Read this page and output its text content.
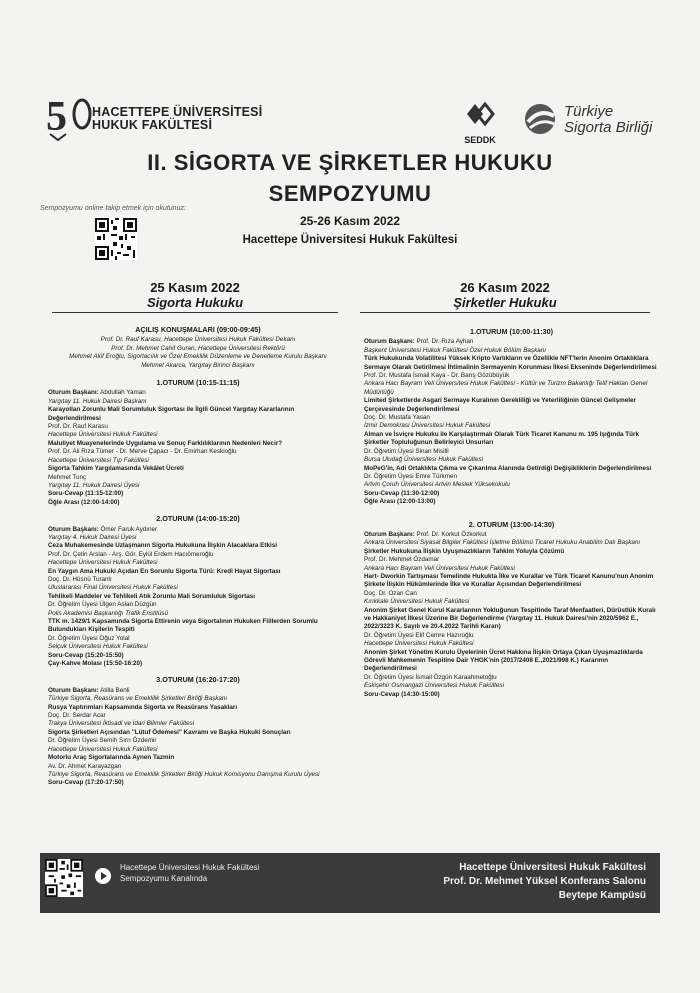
5 HACETTEPE ÜNİVERSİTESİ
HUKUK FAKÜLTESİ
SEDDK
Türkiye
Sigorta Birliği
II. SİGORTA VE ŞİRKETLER HUKUKU
SEMPOZYUMU
25-26 Kasım 2022
Hacettepe Üniversitesi Hukuk Fakültesi
Sempozyumu online takip etmek için okutunuz:
25 Kasım 2022
Sigorta Hukuku
AÇILIŞ KONUŞMALARI (09:00-09:45)
Prof. Dr. Rauf Karasu, Hacettepe Üniversitesi Hukuk Fakültesi Dekanı
Prof. Dr. Mehmet Cahit Guran, Hacettepe Üniversitesi Rektörü
Mehmet Akif Eroğlu, Sigortacılık ve Özel Emeklilik Düzenleme ve Denetleme Kurulu Başkanı
Mehmet Akarca, Yargıtay Birinci Başkanı
1.OTURUM (10:15-11:15)
Oturum Başkanı: Abdullah Yaman
Yargıtay 11. Hukuk Dairesi Başkanı
Karayolları Zorunlu Mali Sorumluluk Sigortası ile İlgili Güncel Yargıtay Kararlarının Değerlendirilmesi
Prof. Dr. Rauf Karasu
Hacettepe Üniversitesi Hukuk Fakültesi
Maluliyet Muayenelerinde Uygulama ve Sonuç Farklılıklarının Nedenleri Necir?
Prof. Dr. Ali Rıza Tümer - Dr. Merve Çapacı - Dr. Emirhan Keskioğlu
Hacettepe Üniversitesi Tıp Fakültesi
Sigorta Tahkim Yargılamasında Vekâlet Ücreti
Mehmet Tunç
Yargıtay 11. Hukuk Dairesi Üyesi
Soru-Cevap (11:15-12:00)
Öğle Arası (12:00-14:00)
2.OTURUM (14:00-15:20)
Oturum Başkanı: Ömer Faruk Aydıner
Yargıtay 4. Hukuk Dairesi Üyesi
Ceza Muhakemesinde Uzlaşmanın Sigorta Hukukuna İlişkin Alacaklara Etkisi
Prof. Dr. Çetin Arslan - Arş. Gör. Eylül Erdem Hacıömeroğlu
Hacettepe Üniversitesi Hukuk Fakültesi
En Yaygın Ama Hukuki Açıdan En Sorunlu Sigorta Türü: Kredi Hayat Sigortası
Doç. Dr. Hüsnü Turanlı
Uluslararası Final Üniversitesi Hukuk Fakültesi
Tehlikeli Maddeler ve Tehlikeli Atık Zorunlu Mali Sorumluluk Sigortası
Dr. Öğretim Üyesi Ülgen Aslan Düzgün
Polis Akademisi Başkanlığı Trafik Enstitüsü
TTK m. 1429/1 Kapsamında Sigorta Ettirenin veya Sigortalının Hukuken Fiillerden Sorumlu Bulundukları Kişilerin Tespiti
Dr. Öğretim Üyesi Oğuz Yolal
Selçuk Üniversitesi Hukuk Fakültesi
Soru-Cevap (15:20-15:50)
Çay-Kahve Molası (15:50-16:20)
3.OTURUM (16:20-17:20)
Oturum Başkanı: Atilla Benli
Türkiye Sigorta, Reasürans ve Emeklilik Şirketleri Birliği Başkanı
Rusya Yaptırımları Kapsamında Sigorta ve Reasürans Yasakları
Doç. Dr. Serdar Acar
Trakya Üniversitesi İktisadi ve İdari Bilimler Fakültesi
Sigorta Şirketleri Açısından "Lütuf Ödemesi" Kavramı ve Başka Hukuki Sonuçları
Dr. Öğretim Üyesi Semih Sırrı Özdemir
Hacettepe Üniversitesi Hukuk Fakültesi
Motorlu Araç Sigortalarında Aynen Tazmin
Av. Dr. Ahmet Karayazgan
Türkiye Sigorta, Reasürans ve Emeklilik Şirketleri Birliği Hukuk Komisyonu Danışma Kurulu Üyesi
Soru-Cevap (17:20-17:50)
26 Kasım 2022
Şirketler Hukuku
1.OTURUM (10:00-11:30)
Oturum Başkanı: Prof. Dr. Rıza Ayhan
Başkent Üniversitesi Hukuk Fakültesi Özel Hukuk Bölüm Başkanı
Türk Hukukunda Volatilitesi Yüksek Kripto Varlıkların ve Özellikle NFT'lerin Anonim Ortaklıklara Sermaye Olarak Getirilmesi İhtimalinin Sermayenin Korunması İlkesi Ekseninde Değerlendirilmesi
Prof. Dr. Mustafa İsmail Kaya - Dr. Barış Gözübüyük
Ankara Hacı Bayram Veli Üniversitesi Hukuk Fakültesi - Kültür ve Turizm Bakanlığı Telif Hakları Genel Müdürlüğü
Limited Şirketlerde Asgari Sermaye Kuralının Gerekliliği ve Yeterliliğinin Güncel Gelişmeler Çerçevesinde Değerlendirilmesi
Doç. Dr. Mustafa Yasan
İzmir Demokrasi Üniversitesi Hukuk Fakültesi
Alman ve İsviçre Hukuku ile Karşılaştırmalı Olarak Türk Ticaret Kanunu m. 195 Işığında Türk Şirketler Topluluğunun Belirleyici Unsurları
Dr. Öğretim Üyesi Sinan Misilli
Bursa Uludağ Üniversitesi Hukuk Fakültesi
MoPeG'in, Adi Ortaklıkta Çıkma ve Çıkarılma Alanında Getirdiği Değişikliklerin Değerlendirilmesi
Dr. Öğretim Üyesi Emre Türkmen
Artvin Çoruh Üniversitesi Artvin Meslek Yüksekokulu
Soru-Cevap (11:30-12:00)
Öğle Arası (12:00-13:00)
2. OTURUM (13:00-14:30)
Oturum Başkanı: Prof. Dr. Korkut Özkorkut
Ankara Üniversitesi Siyasal Bilgiler Fakültesi İşletme Bölümü Ticaret Hukuku Anabilim Dalı Başkanı
Şirketler Hukukuna İlişkin Uyuşmazlıkların Tahkim Yoluyla Çözümü
Prof. Dr. Mehmet Özdamar
Ankara Hacı Bayram Veli Üniversitesi Hukuk Fakültesi
Hart- Dworkin Tartışması Temelinde Hukukta İlke ve Kurallar ve Türk Ticaret Kanunu'nun Anonim Şirkete İlişkin Hükümlerinde İlke ve Kurallar Açısından Değerlendirilmesi
Doç. Dr. Ozan Can
Kırıkkale Üniversitesi Hukuk Fakültesi
Anonim Şirket Genel Kurul Kararlarının Yokluğunun Tespitinde Taraf Menfaatleri, Dürüstlük Kuralı ve Hakkaniyet İlkesi Üzerine Bir Değerlendirme (Yargıtay 11. Hukuk Dairesi'nin 2020/5962 E., 2022/3223 K. Sayılı ve 20.4.2022 Tarihli Kararı)
Dr. Öğretim Üyesi Elif Cemre Hazıroğlu
Hacettepe Üniversitesi Hukuk Fakültesi
Anonim Şirket Yönetim Kurulu Üyelerinin Ücret Hakkına İlişkin Ortaya Çıkan Uyuşmazlıklarda Görevli Mahkemenin Tespitine Dair YHGK'nin (2017/2408 E.,2021/998 K.) Kararının Değerlendirilmesi
Dr. Öğretim Üyesi İsmail Özgün Karaahmetoğlu
Eskişehir Osmangazi Üniversitesi Hukuk Fakültesi
Soru-Cevap (14:30-15:00)
Hacettepe Üniversitesi Hukuk Fakültesi
Sempozyumu Kanalında
Hacettepe Üniversitesi Hukuk Fakültesi
Prof. Dr. Mehmet Yüksel Konferans Salonu
Beytepe Kampüsü
